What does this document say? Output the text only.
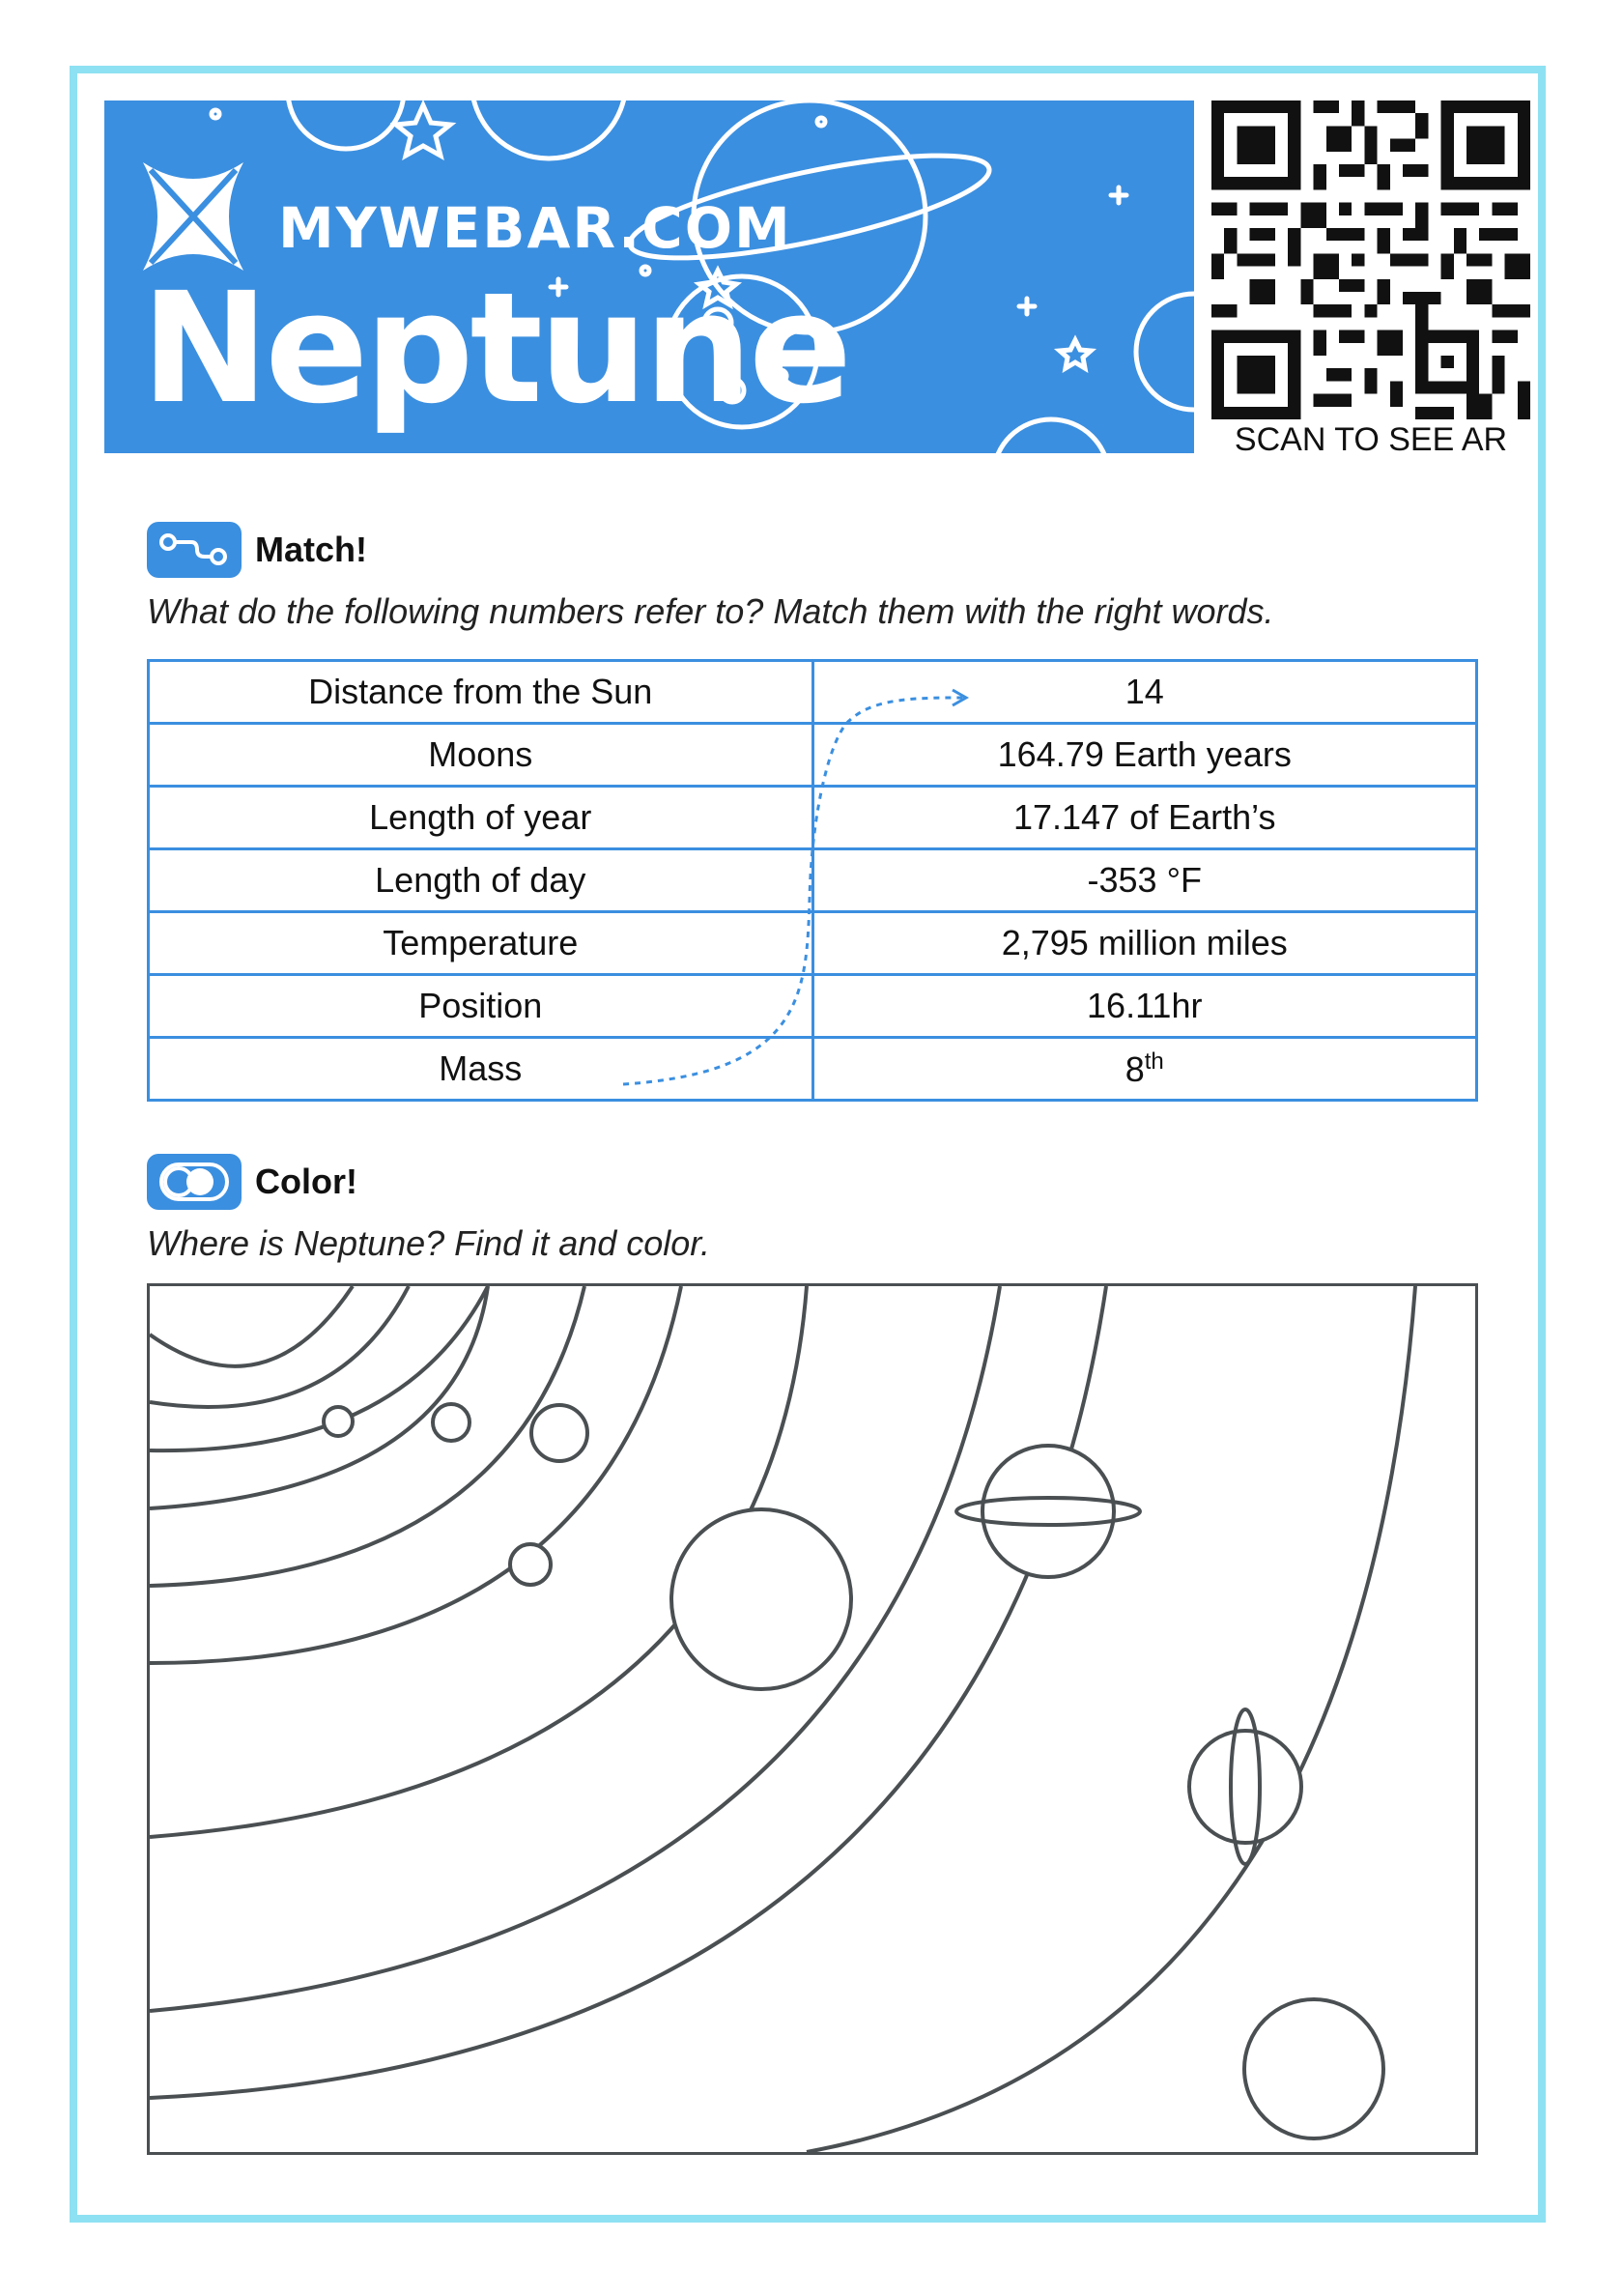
MYWEBAR.COM
Neptune
SCAN TO SEE AR
Match!
What do the following numbers refer to? Match them with the right words.
Distance from the Sun	14
Moons	164.79 Earth years
Length of year	17.147 of Earth’s
Length of day	-353 °F
Temperature	2,795 million miles
Position	16.11hr
Mass	8th
Color!
Where is Neptune? Find it and color.
